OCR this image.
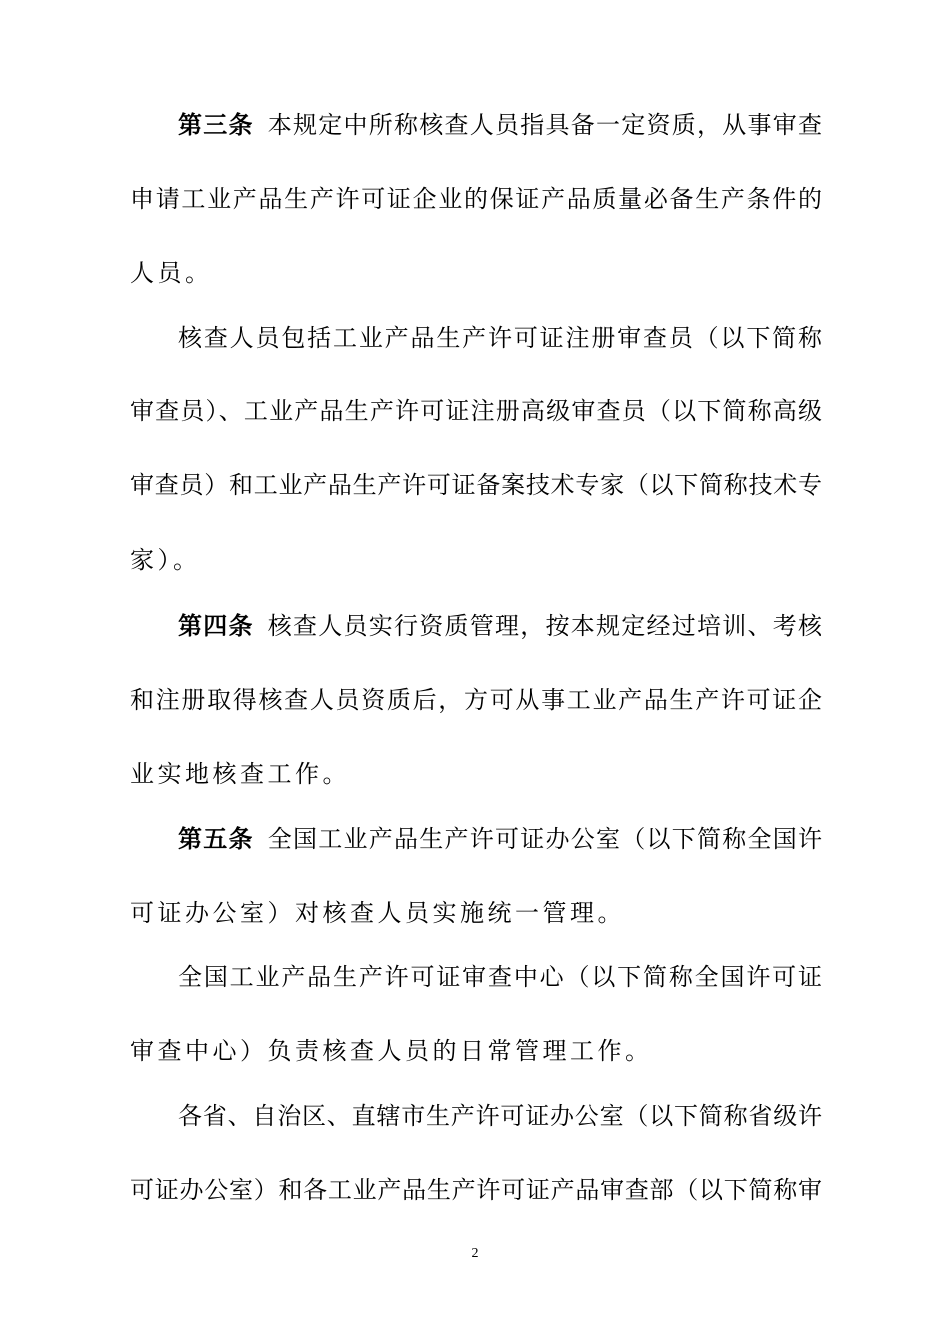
第三条 本规定中所称核查人员指具备一定资质，从事审查
申请工业产品生产许可证企业的保证产品质量必备生产条件的
人员。
核查人员包括工业产品生产许可证注册审查员（以下简称
审查员）、工业产品生产许可证注册高级审查员（以下简称高级
审查员）和工业产品生产许可证备案技术专家（以下简称技术专
家）。
第四条 核查人员实行资质管理，按本规定经过培训、考核
和注册取得核查人员资质后，方可从事工业产品生产许可证企
业实地核查工作。
第五条 全国工业产品生产许可证办公室（以下简称全国许
可证办公室）对核查人员实施统一管理。
全国工业产品生产许可证审查中心（以下简称全国许可证
审查中心）负责核查人员的日常管理工作。
各省、自治区、直辖市生产许可证办公室（以下简称省级许
可证办公室）和各工业产品生产许可证产品审查部（以下简称审
2
